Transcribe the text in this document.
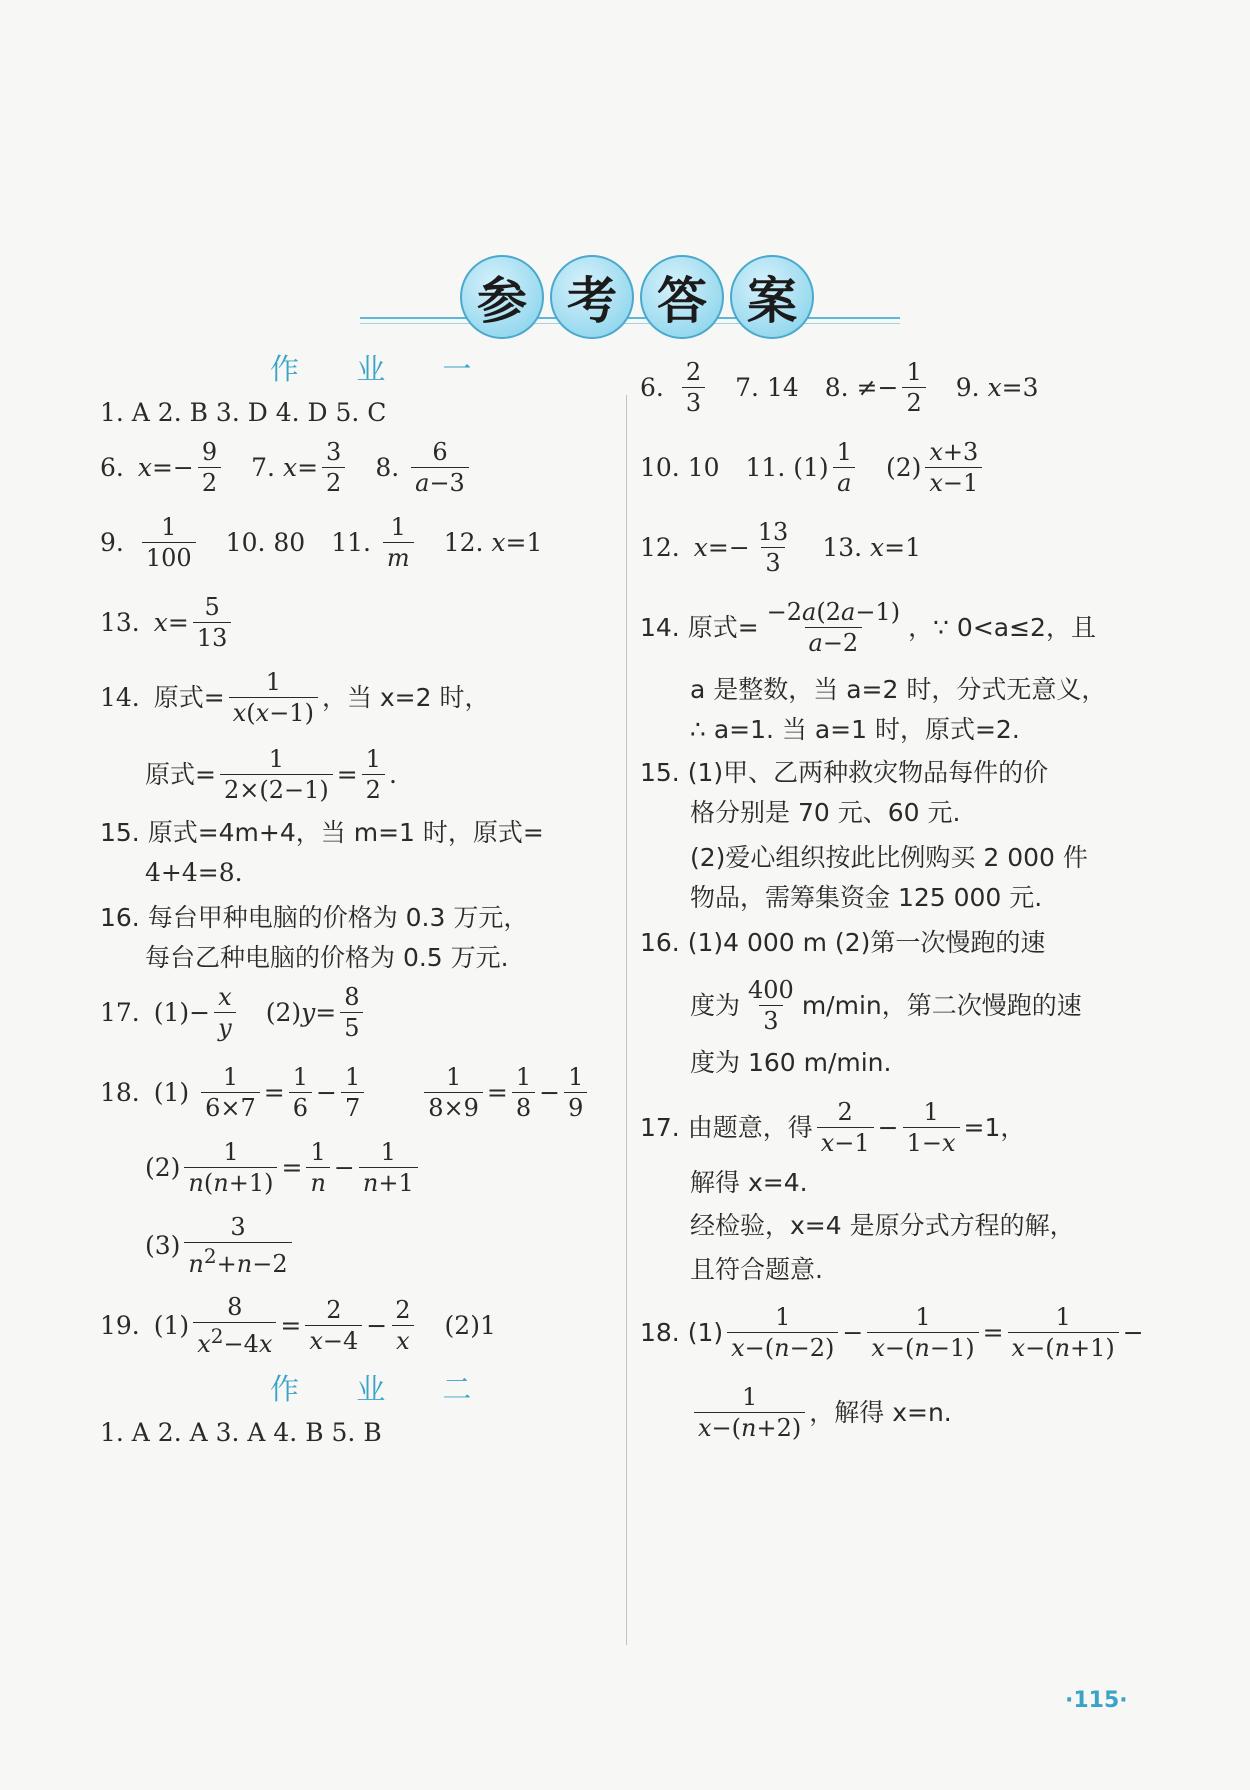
参 考 答 案
作 业 一
1. A 2. B 3. D 4. D 5. C
6. $x =- \frac{9}{2} 7$.
$x = \frac{3}{2} 8$.
$\frac{6}{a-3}$
9. $\frac{1}{100} 10$. 80 11.
$\frac{1}{m} 12$.
x =1
13. $x = \frac{5}{13}$
14. 原式= $\frac{1}{x(x-1)}$ ，当 x=2 时，
原式= $\frac{1}{2\times(2-1)} = \frac{1}{2}$ .
15. 原式=4m+4，当 m=1 时，原式=
4+4=8.
16. 每台甲种电脑的价格为 0.3 万元，
每台乙种电脑的价格为 0.5 万元.
17. $(1)- \frac{x}{y} (2) y = \frac{8}{5}$
18. $(1) \frac{1}{6\times 7} = \frac{1}{6} - \frac{1}{7}$	$\frac{1}{8\times 9} = \frac{1}{8} - \frac{1}{9}$
$(2) \frac{1}{n(n+1)} = \frac{1}{n} - \frac{1}{n+1}$
$(3) \frac{3}{n^2+n-2}$
19. $(1) \frac{8}{x^2-4x} = \frac{2}{x-4} - \frac{2}{x} (2)1$
作 业 二
1. A 2. A 3. A 4. B 5. B
6. $\frac{2}{3} 7$. 14 8. ≠− $\frac{1}{2} 9$.
x =3
10. 10 11. $(1) \frac{1}{a} (2) \frac{x+3}{x-1}$
12. $x =- \frac{13}{3} 13$.
x =1
14. 原式= $\frac{-2a(2a-1)}{a-2}$ ，∵ 0<a≤2，且
a 是整数，当 a=2 时，分式无意义，
∴ a=1. 当 a=1 时，原式=2.
15. (1)甲、乙两种救灾物品每件的价
格分别是 70 元、60 元.
(2)爱心组织按此比例购买 2 000 件
物品，需筹集资金 125 000 元.
16. (1)4 000 m (2)第一次慢跑的速
度为 $\frac{400}{3} m/\min$，第二次慢跑的速
度为 160 m/min.
17. 由题意，得 $\frac{2}{x-1} - \frac{1}{1-x} =1$，
解得 x=4.
经检验，x=4 是原分式方程的解，
且符合题意.
18. $(1) \frac{1}{x-(n-2)} - \frac{1}{x-(n-1)} = \frac{1}{x-(n+1)}$ −
$\frac{1}{x-(n+2)}$ ，解得 x=n.
·115·
